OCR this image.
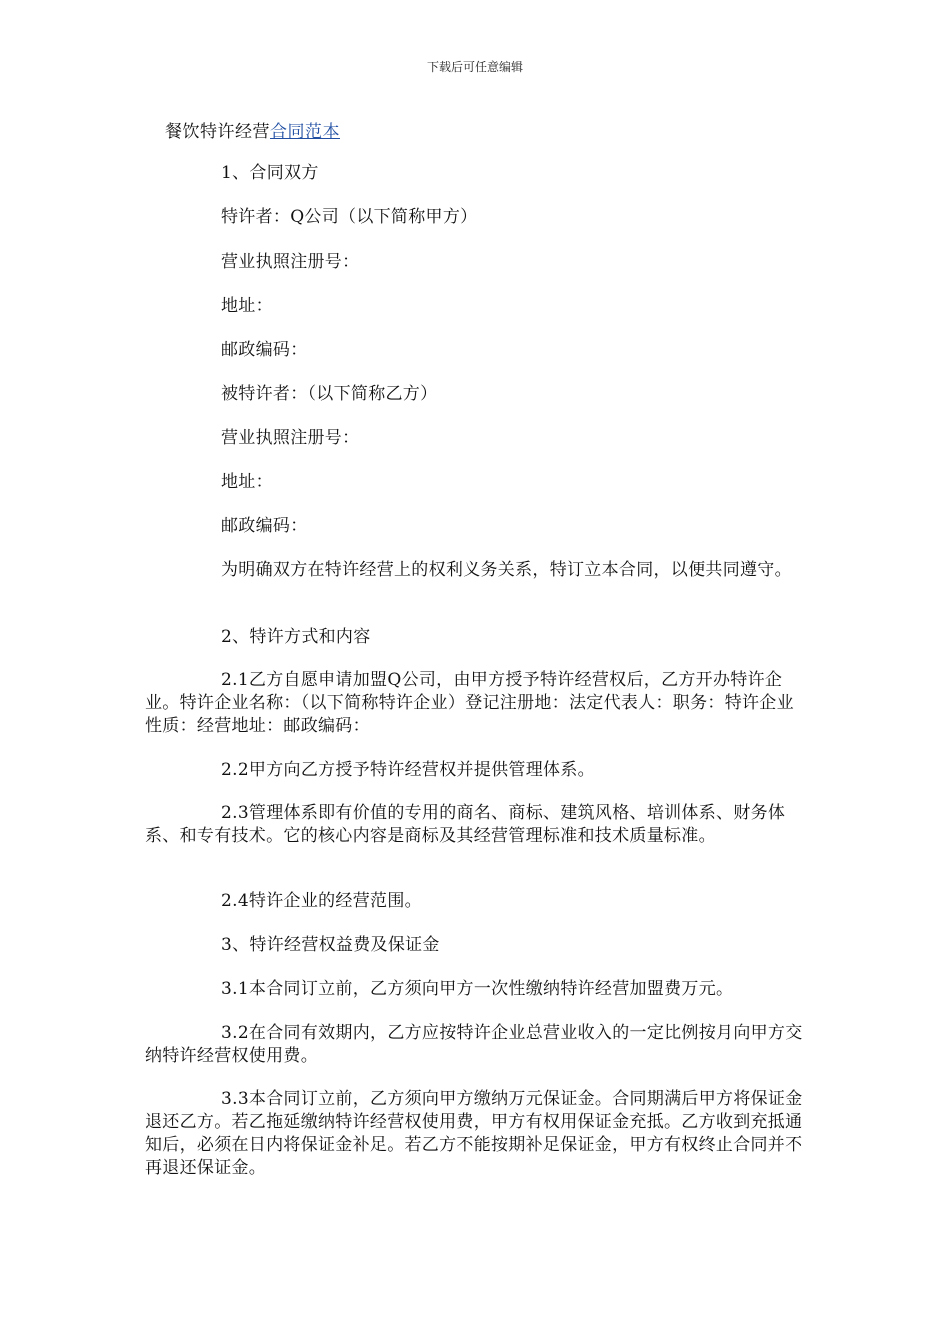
下载后可任意编辑
餐饮特许经营合同范本
1、合同双方
特许者：Q公司（以下简称甲方）
营业执照注册号：
地址：
邮政编码：
被特许者：（以下简称乙方）
营业执照注册号：
地址：
邮政编码：
为明确双方在特许经营上的权利义务关系，特订立本合同，以便共同遵守。
2、特许方式和内容
2.1乙方自愿申请加盟Q公司，由甲方授予特许经营权后，乙方开办特许企业。特许企业名称：（以下简称特许企业）登记注册地：法定代表人：职务：特许企业性质：经营地址：邮政编码：
2.2甲方向乙方授予特许经营权并提供管理体系。
2.3管理体系即有价值的专用的商名、商标、建筑风格、培训体系、财务体系、和专有技术。它的核心内容是商标及其经营管理标准和技术质量标准。
2.4特许企业的经营范围。
3、特许经营权益费及保证金
3.1本合同订立前，乙方须向甲方一次性缴纳特许经营加盟费万元。
3.2在合同有效期内，乙方应按特许企业总营业收入的一定比例按月向甲方交纳特许经营权使用费。
3.3本合同订立前，乙方须向甲方缴纳万元保证金。合同期满后甲方将保证金退还乙方。若乙拖延缴纳特许经营权使用费，甲方有权用保证金充抵。乙方收到充抵通知后，必须在日内将保证金补足。若乙方不能按期补足保证金，甲方有权终止合同并不再退还保证金。
